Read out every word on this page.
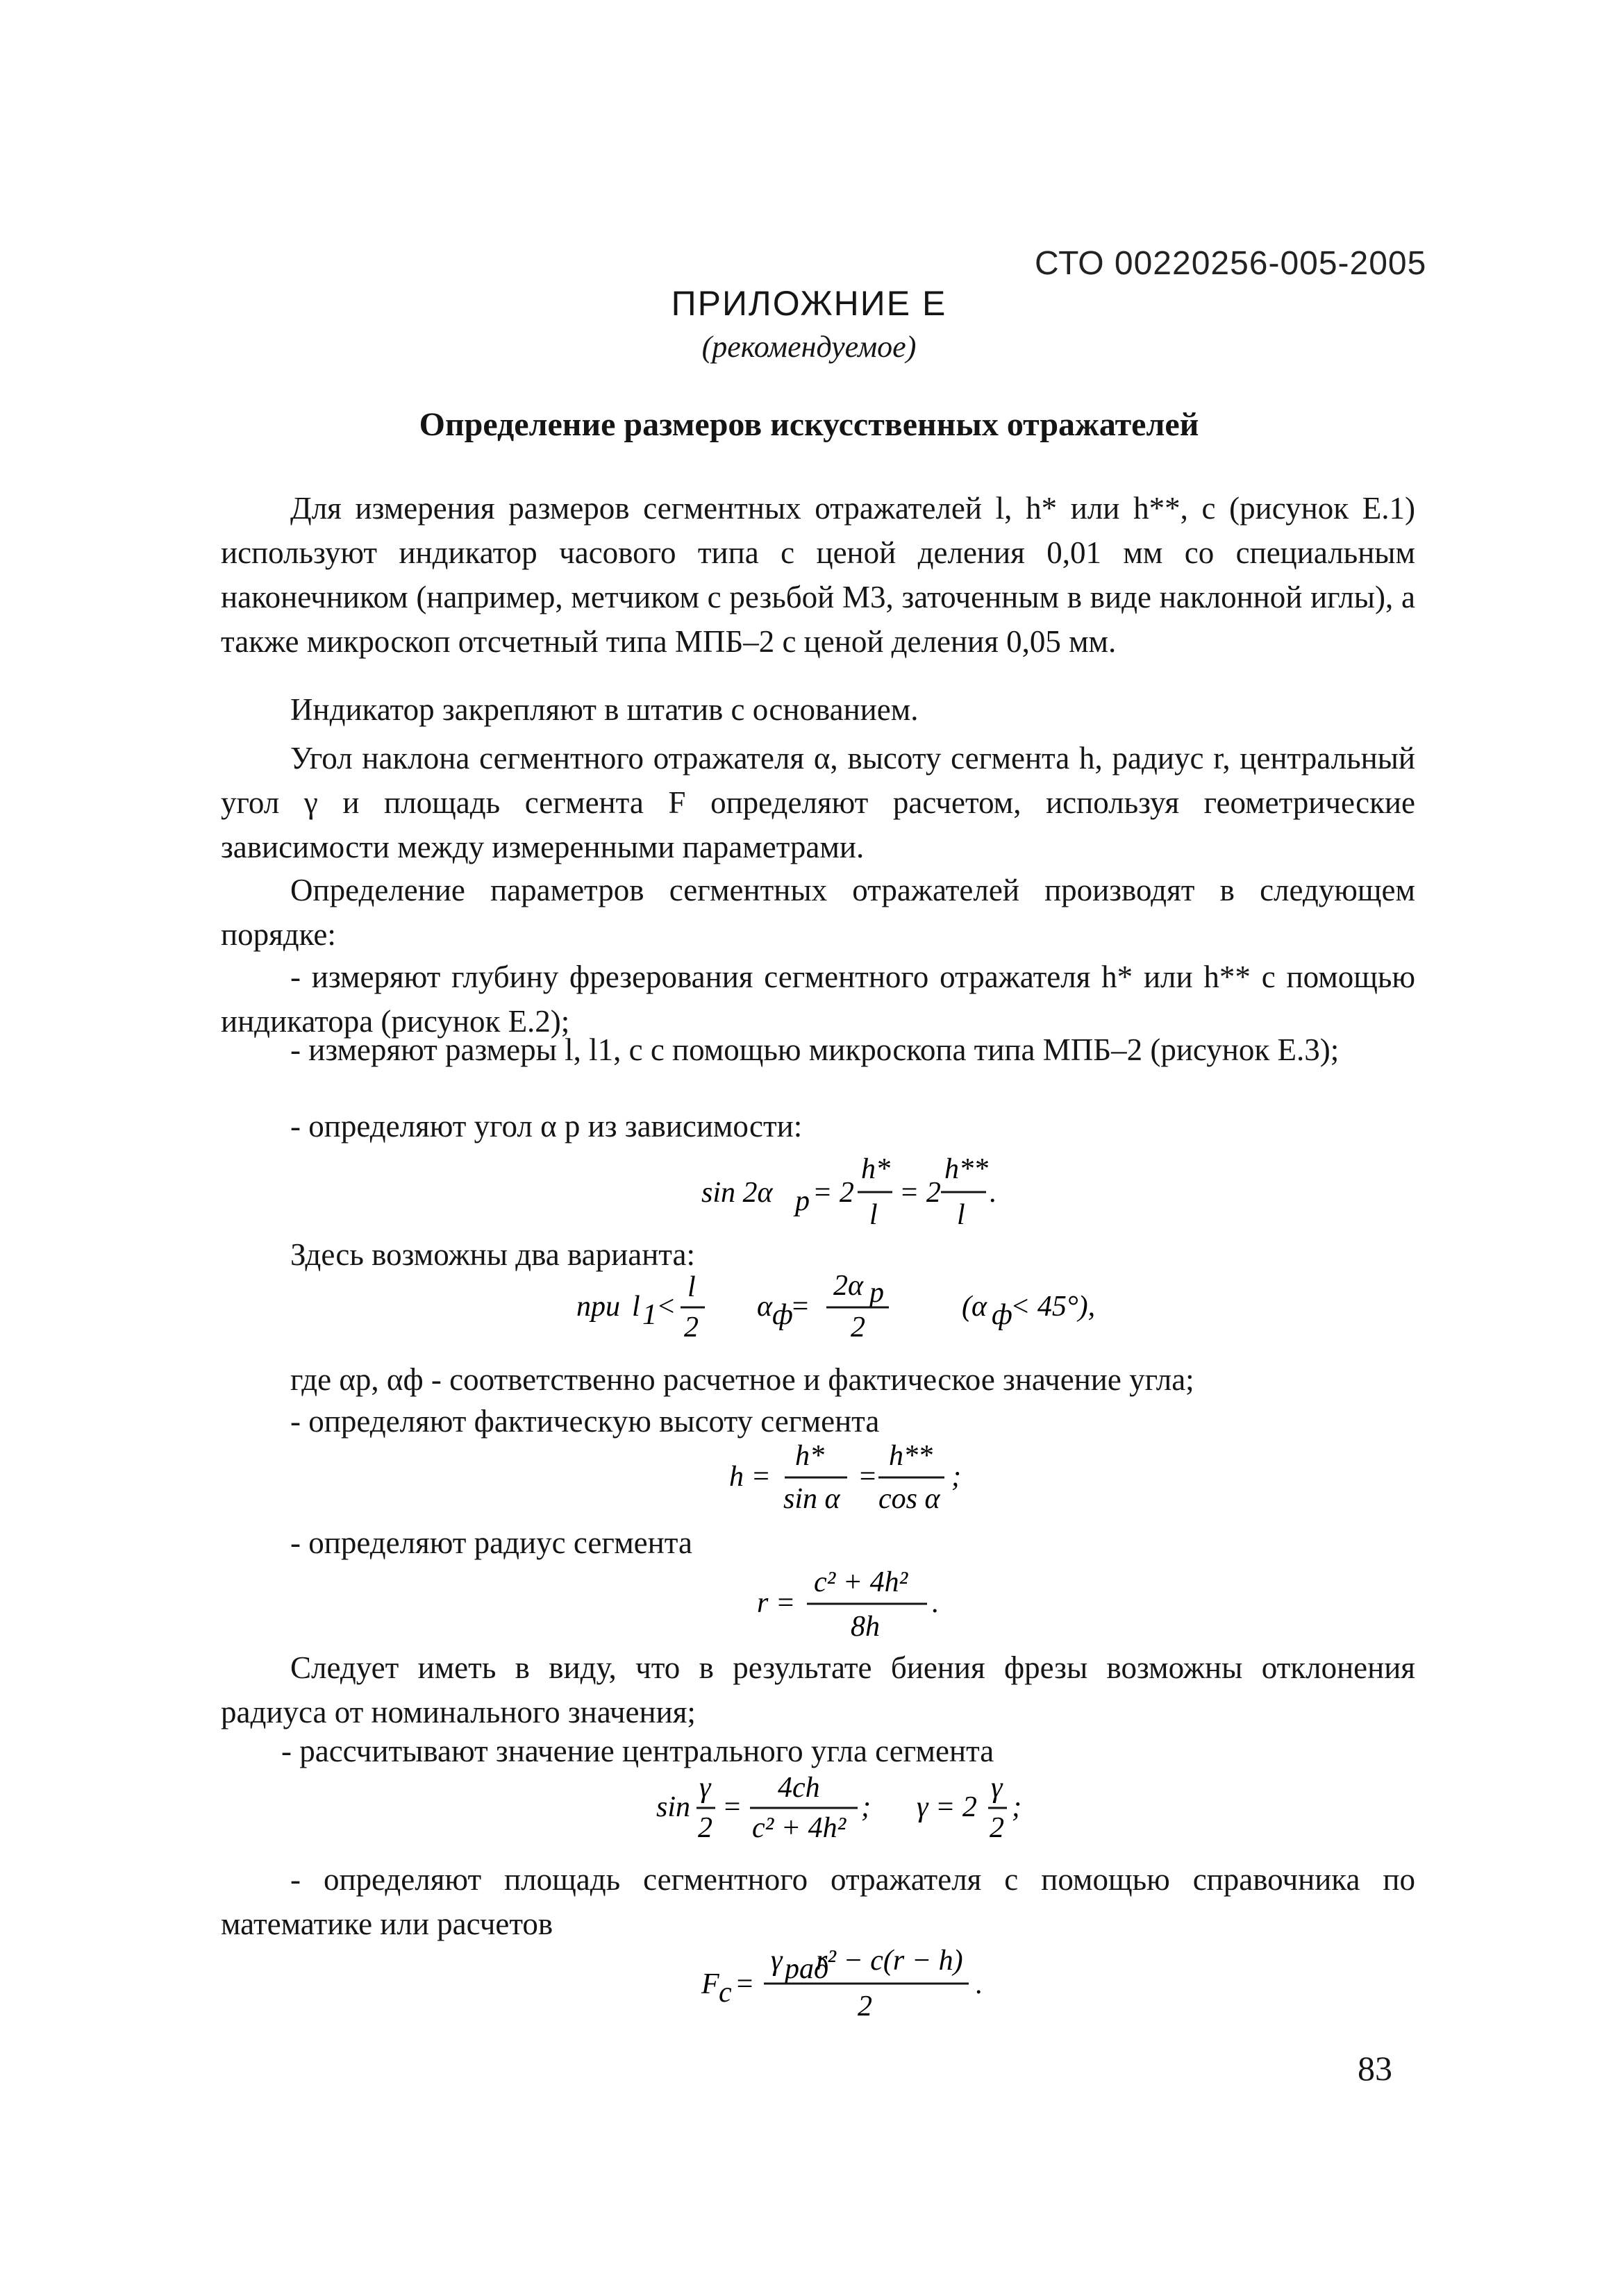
СТО 00220256-005-2005
ПРИЛОЖНИЕ Е
(рекомендуемое)
Определение размеров искусственных отражателей
Для измерения размеров сегментных отражателей l, h* или h**, с (рисунок Е.1) используют индикатор часового типа с ценой деления 0,01 мм со специальным наконечником (например, метчиком с резьбой М3, заточенным в виде наклонной иглы), а также микроскоп отсчетный типа МПБ–2 с ценой деления 0,05 мм.
Индикатор закрепляют в штатив с основанием.
Угол наклона сегментного отражателя α, высоту сегмента h, радиус r, центральный угол γ и площадь сегмента F определяют расчетом, используя геометрические зависимости между измеренными параметрами.
Определение параметров сегментных отражателей производят в следующем порядке:
- измеряют глубину фрезерования сегментного отражателя h* или h** с помощью индикатора (рисунок Е.2);
- измеряют размеры l, l1, c с помощью микроскопа типа МПБ–2 (рисунок Е.3);
- определяют угол α р из зависимости:
sin 2α р = 2
h*
l
= 2
h**
l
.
Здесь возможны два варианта:
при l 1 <
l
2
α ф
=
2α р
2
(α ф
< 45°),
где αр, αф - соответственно расчетное и фактическое значение угла;
- определяют фактическую высоту сегмента
h =
h*
sin α
=
h**
cos α
;
- определяют радиус сегмента
r =
c² + 4h²
8h
.
Следует иметь в виду, что в результате биения фрезы возможны отклонения радиуса от номинального значения;
- рассчитывают значение центрального угла сегмента
sin
γ
2
=
4ch
c² + 4h²
; γ = 2
γ
2
;
- определяют площадь сегментного отражателя с помощью справочника по математике или расчетов
F с =
γ рад
r² − c(r − h)
2
.
83
